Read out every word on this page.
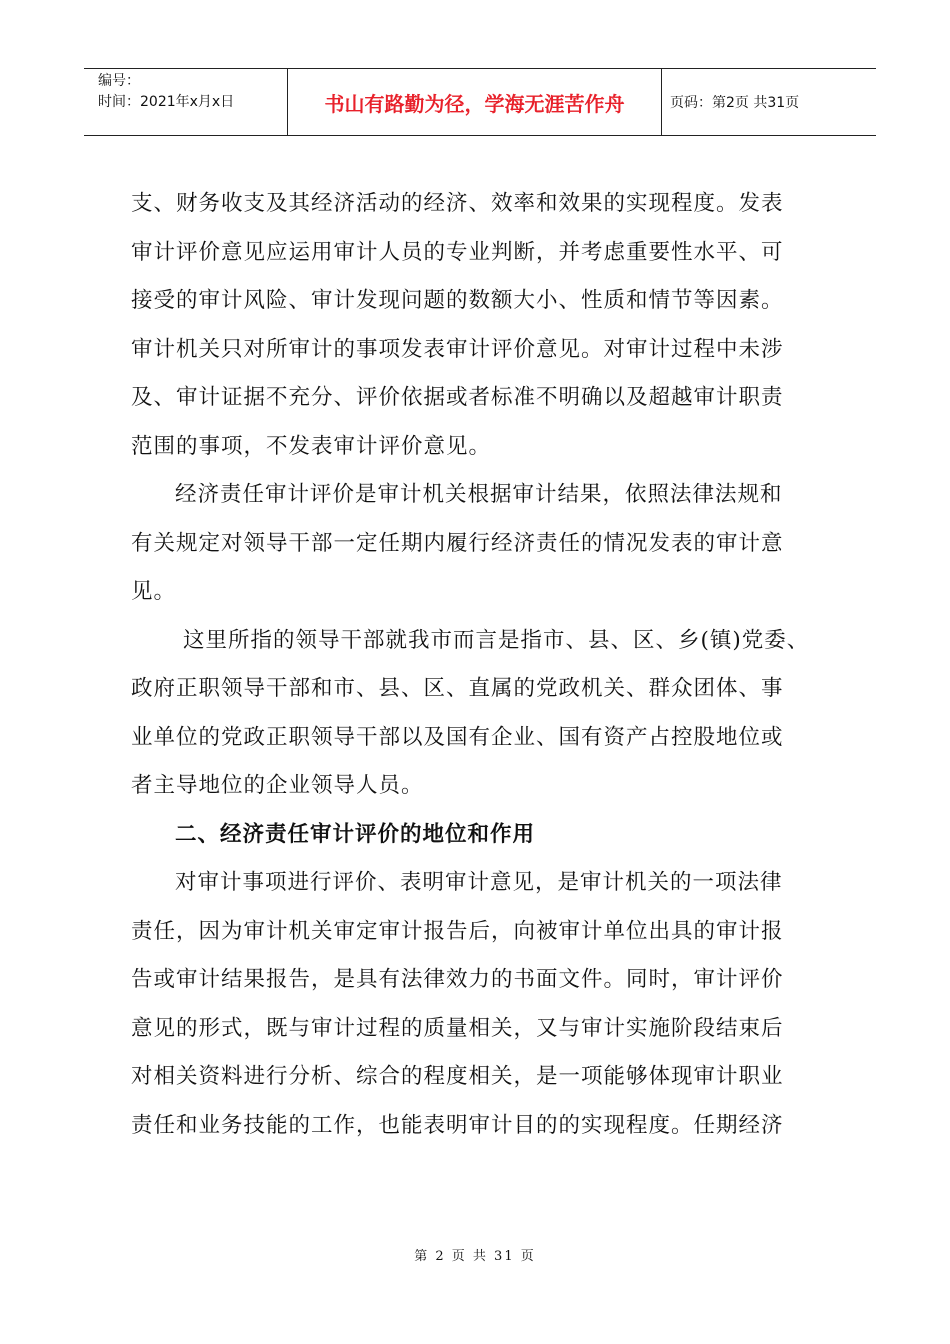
编号：
时间：2021年x月x日	书山有路勤为径，学海无涯苦作舟	页码：第2页 共31页

支、财务收支及其经济活动的经济、效率和效果的实现程度。发表

审计评价意见应运用审计人员的专业判断，并考虑重要性水平、可

接受的审计风险、审计发现问题的数额大小、性质和情节等因素。

审计机关只对所审计的事项发表审计评价意见。对审计过程中未涉

及、审计证据不充分、评价依据或者标准不明确以及超越审计职责

范围的事项，不发表审计评价意见。

经济责任审计评价是审计机关根据审计结果，依照法律法规和

有关规定对领导干部一定任期内履行经济责任的情况发表的审计意

见。

这里所指的领导干部就我市而言是指市、县、区、乡(镇)党委、

政府正职领导干部和市、县、区、直属的党政机关、群众团体、事

业单位的党政正职领导干部以及国有企业、国有资产占控股地位或

者主导地位的企业领导人员。

二、经济责任审计评价的地位和作用

对审计事项进行评价、表明审计意见，是审计机关的一项法律

责任，因为审计机关审定审计报告后，向被审计单位出具的审计报

告或审计结果报告，是具有法律效力的书面文件。同时，审计评价

意见的形式，既与审计过程的质量相关，又与审计实施阶段结束后

对相关资料进行分析、综合的程度相关，是一项能够体现审计职业

责任和业务技能的工作，也能表明审计目的的实现程度。任期经济

第 2 页 共 31 页
